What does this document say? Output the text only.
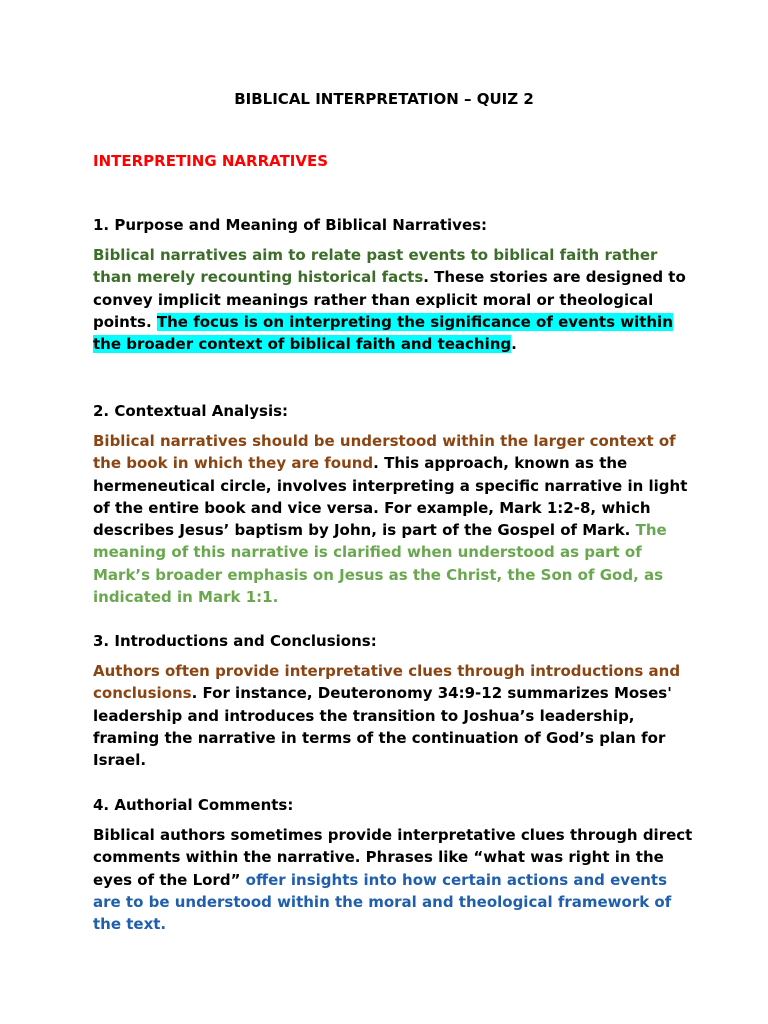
BIBLICAL INTERPRETATION – QUIZ 2

INTERPRETING NARRATIVES

1. Purpose and Meaning of Biblical Narratives:

Biblical narratives aim to relate past events to biblical faith rather than merely recounting historical facts. These stories are designed to convey implicit meanings rather than explicit moral or theological points. The focus is on interpreting the significance of events within the broader context of biblical faith and teaching.

2. Contextual Analysis:

Biblical narratives should be understood within the larger context of the book in which they are found. This approach, known as the hermeneutical circle, involves interpreting a specific narrative in light of the entire book and vice versa. For example, Mark 1:2-8, which describes Jesus’ baptism by John, is part of the Gospel of Mark. The meaning of this narrative is clarified when understood as part of Mark’s broader emphasis on Jesus as the Christ, the Son of God, as indicated in Mark 1:1.

3. Introductions and Conclusions:

Authors often provide interpretative clues through introductions and conclusions. For instance, Deuteronomy 34:9-12 summarizes Moses' leadership and introduces the transition to Joshua’s leadership, framing the narrative in terms of the continuation of God’s plan for Israel.

4. Authorial Comments:

Biblical authors sometimes provide interpretative clues through direct comments within the narrative. Phrases like “what was right in the eyes of the Lord” offer insights into how certain actions and events are to be understood within the moral and theological framework of the text.
